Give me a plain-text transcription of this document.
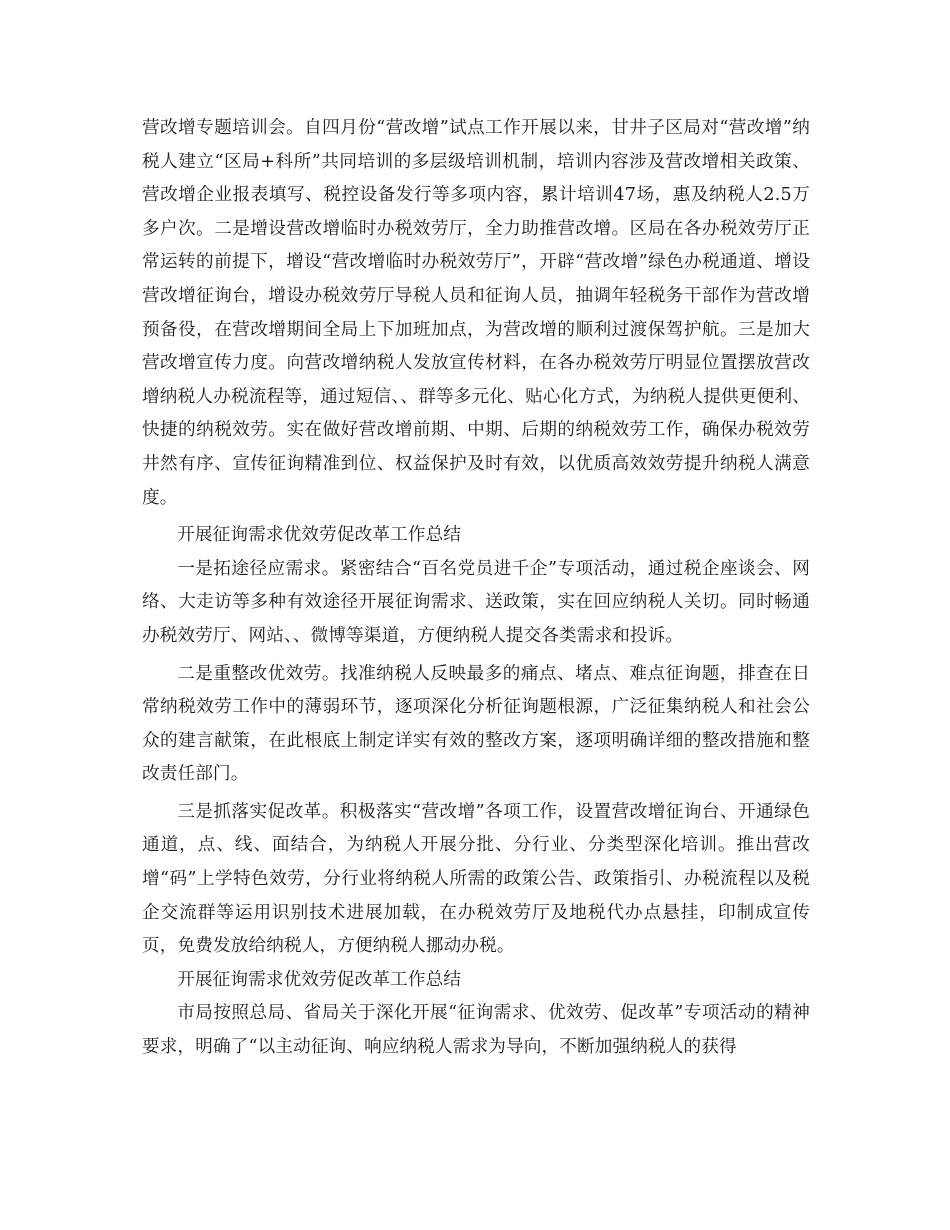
营改增专题培训会。自四月份“营改增”试点工作开展以来，甘井子区局对“营改增”纳税人建立“区局+科所”共同培训的多层级培训机制，培训内容涉及营改增相关政策、营改增企业报表填写、税控设备发行等多项内容，累计培训47场，惠及纳税人2.5万多户次。二是增设营改增临时办税效劳厅，全力助推营改增。区局在各办税效劳厅正常运转的前提下，增设“营改增临时办税效劳厅”，开辟“营改增”绿色办税通道、增设营改增征询台，增设办税效劳厅导税人员和征询人员，抽调年轻税务干部作为营改增预备役，在营改增期间全局上下加班加点，为营改增的顺利过渡保驾护航。三是加大营改增宣传力度。向营改增纳税人发放宣传材料，在各办税效劳厅明显位置摆放营改增纳税人办税流程等，通过短信、、群等多元化、贴心化方式，为纳税人提供更便利、快捷的纳税效劳。实在做好营改增前期、中期、后期的纳税效劳工作，确保办税效劳井然有序、宣传征询精准到位、权益保护及时有效，以优质高效效劳提升纳税人满意度。

开展征询需求优效劳促改革工作总结

一是拓途径应需求。紧密结合“百名党员进千企”专项活动，通过税企座谈会、网络、大走访等多种有效途径开展征询需求、送政策，实在回应纳税人关切。同时畅通办税效劳厅、网站、、微博等渠道，方便纳税人提交各类需求和投诉。

二是重整改优效劳。找准纳税人反映最多的痛点、堵点、难点征询题，排查在日常纳税效劳工作中的薄弱环节，逐项深化分析征询题根源，广泛征集纳税人和社会公众的建言献策，在此根底上制定详实有效的整改方案，逐项明确详细的整改措施和整改责任部门。

三是抓落实促改革。积极落实“营改增”各项工作，设置营改增征询台、开通绿色通道，点、线、面结合，为纳税人开展分批、分行业、分类型深化培训。推出营改增“码”上学特色效劳，分行业将纳税人所需的政策公告、政策指引、办税流程以及税企交流群等运用识别技术进展加载，在办税效劳厅及地税代办点悬挂，印制成宣传页，免费发放给纳税人，方便纳税人挪动办税。

开展征询需求优效劳促改革工作总结

市局按照总局、省局关于深化开展“征询需求、优效劳、促改革”专项活动的精神要求，明确了“以主动征询、响应纳税人需求为导向，不断加强纳税人的获得
